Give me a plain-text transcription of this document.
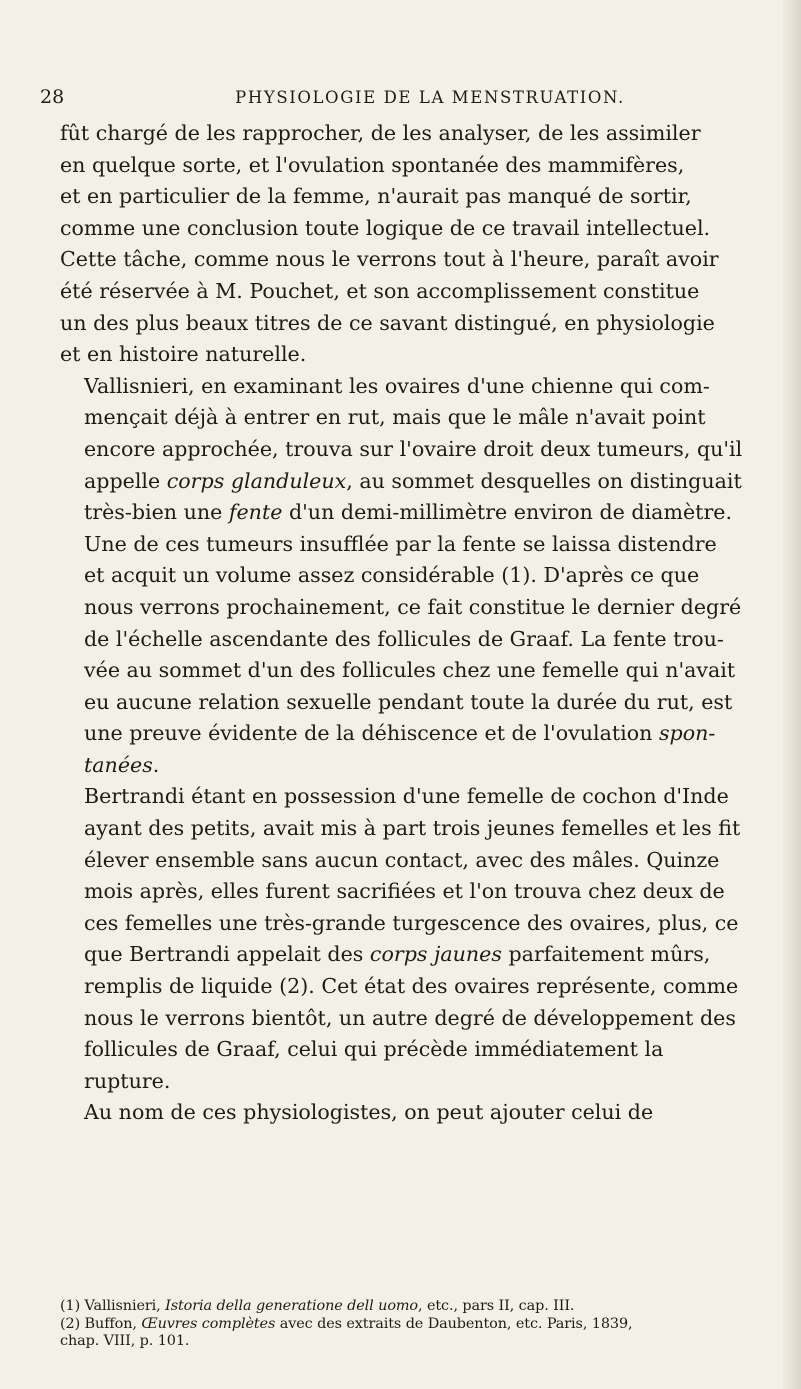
28	PHYSIOLOGIE DE LA MENSTRUATION.

fût chargé de les rapprocher, de les analyser, de les assimiler
en quelque sorte, et l'ovulation spontanée des mammifères,
et en particulier de la femme, n'aurait pas manqué de sortir,
comme une conclusion toute logique de ce travail intellectuel.
Cette tâche, comme nous le verrons tout à l'heure, paraît avoir
été réservée à M. Pouchet, et son accomplissement constitue
un des plus beaux titres de ce savant distingué, en physiologie
et en histoire naturelle.

Vallisnieri, en examinant les ovaires d'une chienne qui com-
mençait déjà à entrer en rut, mais que le mâle n'avait point
encore approchée, trouva sur l'ovaire droit deux tumeurs, qu'il
appelle corps glanduleux, au sommet desquelles on distinguait
très-bien une fente d'un demi-millimètre environ de diamètre.
Une de ces tumeurs insufflée par la fente se laissa distendre
et acquit un volume assez considérable (1). D'après ce que
nous verrons prochainement, ce fait constitue le dernier degré
de l'échelle ascendante des follicules de Graaf. La fente trou-
vée au sommet d'un des follicules chez une femelle qui n'avait
eu aucune relation sexuelle pendant toute la durée du rut, est
une preuve évidente de la déhiscence et de l'ovulation spon-
tanées.

Bertrandi étant en possession d'une femelle de cochon d'Inde
ayant des petits, avait mis à part trois jeunes femelles et les fit
élever ensemble sans aucun contact, avec des mâles. Quinze
mois après, elles furent sacrifiées et l'on trouva chez deux de
ces femelles une très-grande turgescence des ovaires, plus, ce
que Bertrandi appelait des corps jaunes parfaitement mûrs,
remplis de liquide (2). Cet état des ovaires représente, comme
nous le verrons bientôt, un autre degré de développement des
follicules de Graaf, celui qui précède immédiatement la
rupture.

Au nom de ces physiologistes, on peut ajouter celui de

(1) Vallisnieri, Istoria della generatione dell uomo, etc., pars II, cap. III.
(2) Buffon, Œuvres complètes avec des extraits de Daubenton, etc. Paris, 1839,
chap. VIII, p. 101.
